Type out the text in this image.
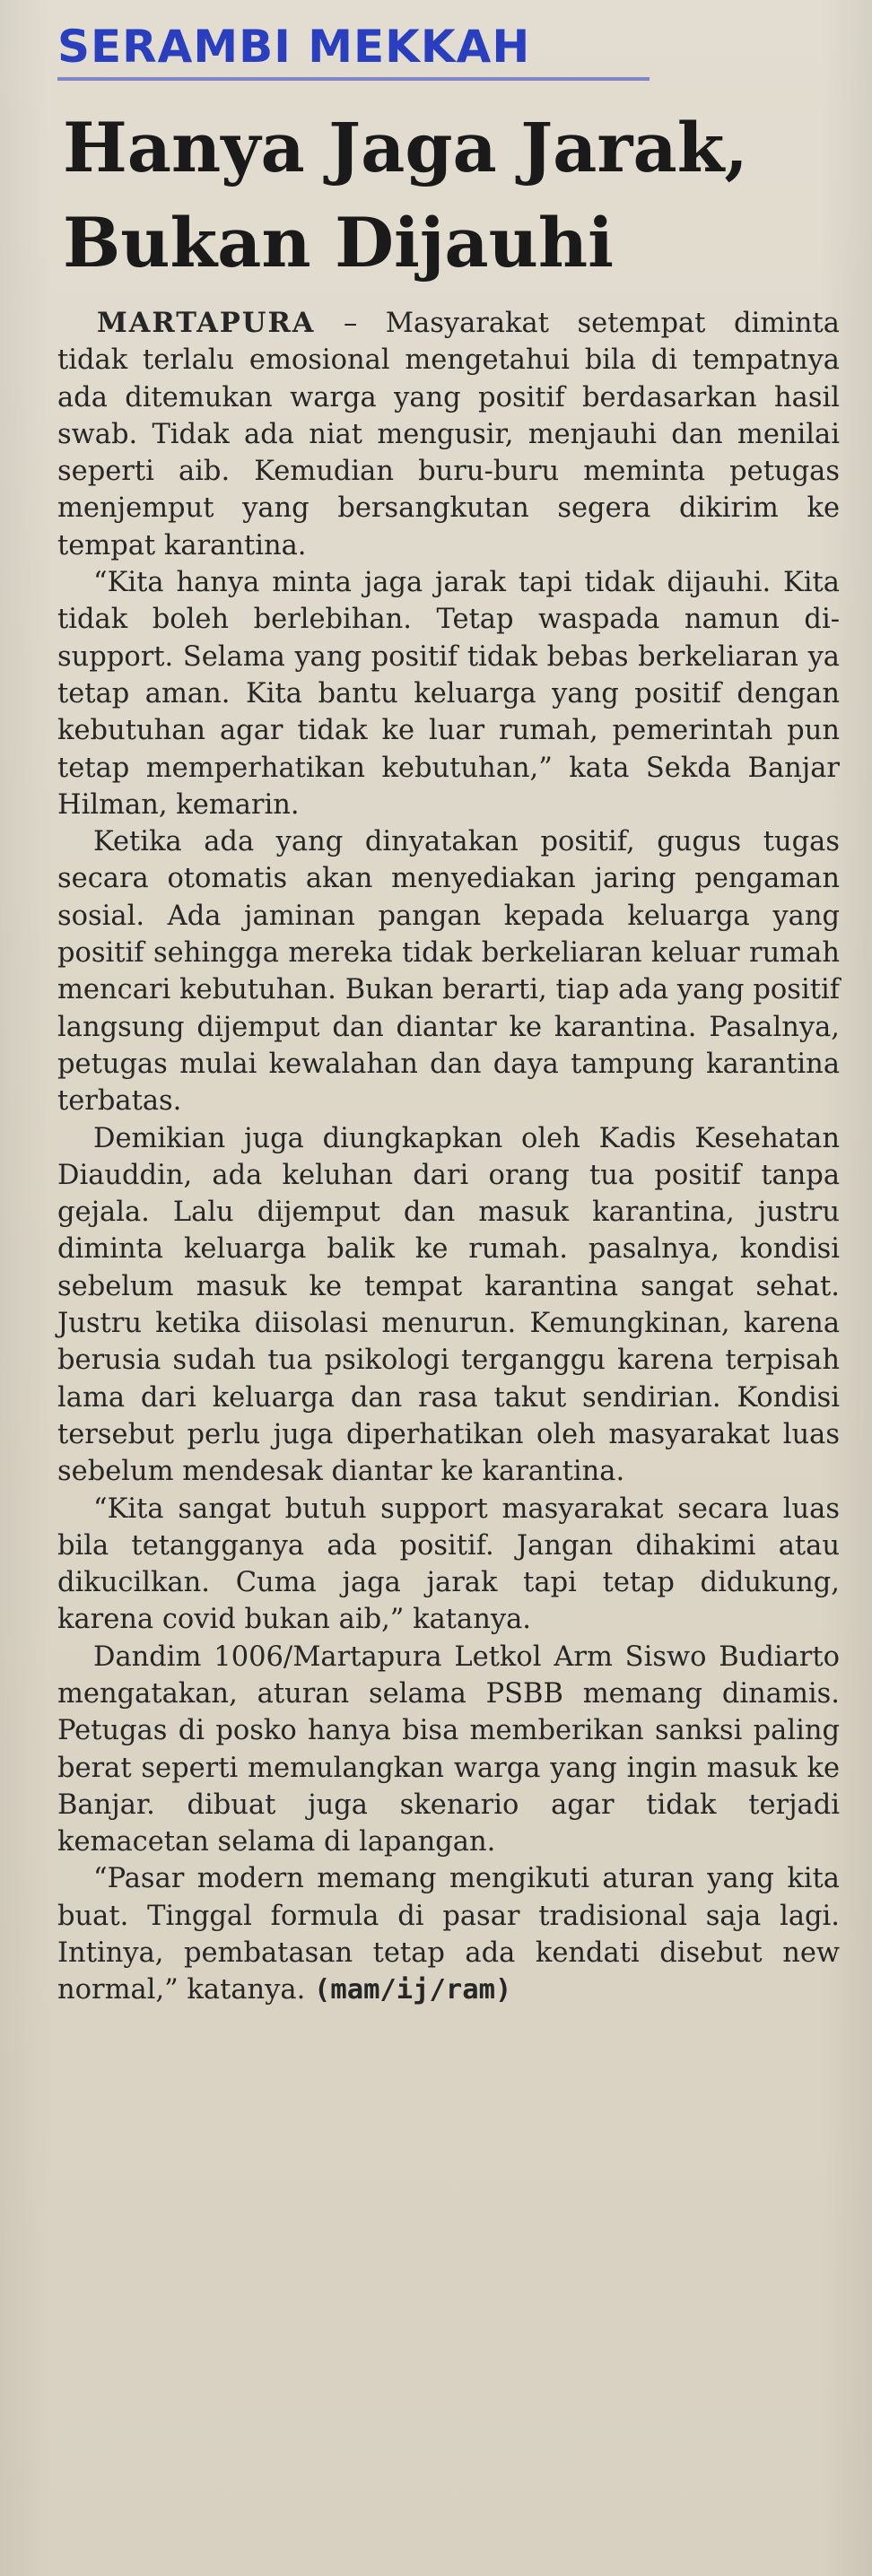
SERAMBI MEKKAH
Hanya Jaga Jarak,
Bukan Dijauhi

MARTAPURA – Masyarakat setempat diminta tidak terlalu emosional mengetahui bila di tempatnya ada ditemukan warga yang positif berdasarkan hasil swab. Tidak ada niat mengusir, menjauhi dan menilai seperti aib. Kemudian buru-buru meminta petugas menjemput yang bersangkutan segera dikirim ke tempat karantina.

“Kita hanya minta jaga jarak tapi tidak dijauhi. Kita tidak boleh berlebihan. Tetap waspada namun di-support. Selama yang positif tidak bebas berkeliaran ya tetap aman. Kita bantu keluarga yang positif dengan kebutuhan agar tidak ke luar rumah, pemerintah pun tetap memperhatikan kebutuhan,” kata Sekda Banjar Hilman, kemarin.

Ketika ada yang dinyatakan positif, gugus tugas secara otomatis akan menyediakan jaring pengaman sosial. Ada jaminan pangan kepada keluarga yang positif sehingga mereka tidak berkeliaran keluar rumah mencari kebutuhan. Bukan berarti, tiap ada yang positif langsung dijemput dan diantar ke karantina. Pasalnya, petugas mulai kewalahan dan daya tampung karantina terbatas.

Demikian juga diungkapkan oleh Kadis Kesehatan Diauddin, ada keluhan dari orang tua positif tanpa gejala. Lalu dijemput dan masuk karantina, justru diminta keluarga balik ke rumah. pasalnya, kondisi sebelum masuk ke tempat karantina sangat sehat. Justru ketika diisolasi menurun. Kemungkinan, karena berusia sudah tua psikologi terganggu karena terpisah lama dari keluarga dan rasa takut sendirian. Kondisi tersebut perlu juga diperhatikan oleh masyarakat luas sebelum mendesak diantar ke karantina.

“Kita sangat butuh support masyarakat secara luas bila tetangganya ada positif. Jangan dihakimi atau dikucilkan. Cuma jaga jarak tapi tetap didukung, karena covid bukan aib,” katanya.

Dandim 1006/Martapura Letkol Arm Siswo Budiarto mengatakan, aturan selama PSBB memang dinamis. Petugas di posko hanya bisa memberikan sanksi paling berat seperti memulangkan warga yang ingin masuk ke Banjar. dibuat juga skenario agar tidak terjadi kemacetan selama di lapangan.

“Pasar modern memang mengikuti aturan yang kita buat. Tinggal formula di pasar tradisional saja lagi. Intinya, pembatasan tetap ada kendati disebut new normal,” katanya. (mam/ij/ram)
